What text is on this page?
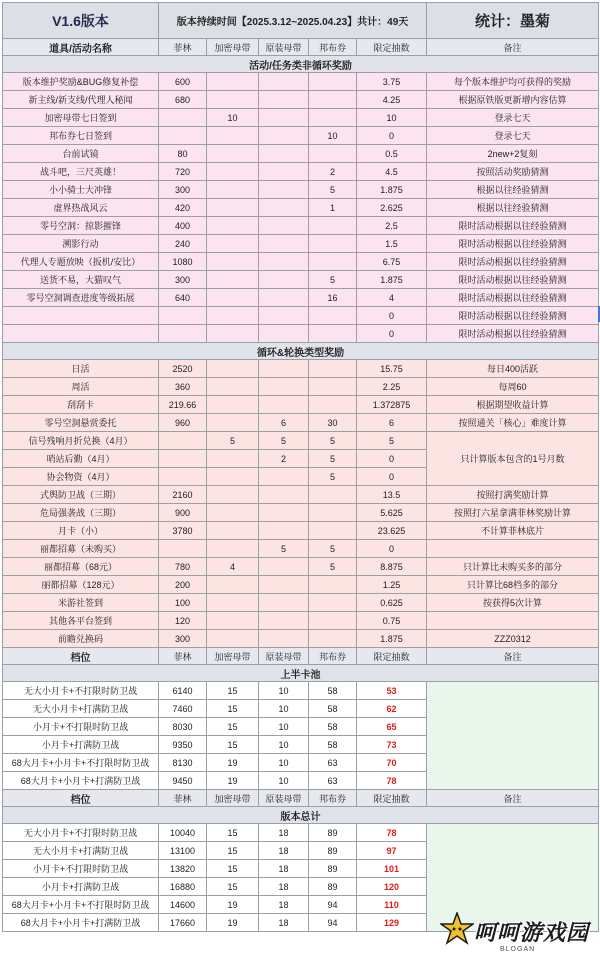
V1.6版本	版本持续时间【2025.3.12~2025.04.23】共计：49天					统计：墨菊
道具/活动名称	菲林	加密母带	原装母带	邦布券	限定抽数	备注
活动/任务类非循环奖励						
版本维护奖励&BUG修复补偿	600				3.75	每个版本维护均可获得的奖励
新主线/新支线/代理人秘闻	680				4.25	根据原铁版更新增内容估算
加密母带七日签到		10			10	登录七天
邦布券七日签到				10	0	登录七天
台前试镜	80				0.5	2new+2复刻
战斗吧，三尺英雄！	720			2	4.5	按照活动奖励猜测
小小骑士大冲锋	300			5	1.875	根据以往经验猜测
虚界热战风云	420			1	2.625	根据以往经验猜测
零号空洞：掠影摧锋	400				2.5	限时活动根据以往经验猜测
溯影行动	240				1.5	限时活动根据以往经验猜测
代理人专题放映（扳机/安比）	1080				6.75	限时活动根据以往经验猜测
送货不易，大猫叹气	300			5	1.875	限时活动根据以往经验猜测
零号空洞调查进度等级拓展	640			16	4	限时活动根据以往经验猜测
					0	限时活动根据以往经验猜测
					0	限时活动根据以往经验猜测
循环&轮换类型奖励						
日活	2520				15.75	每日400活跃
周活	360				2.25	每周60
刮刮卡	219.66				1.372875	根据期望收益计算
零号空洞悬赏委托	960		6	30	6	按照通关「核心」难度计算
信号残响月折兑换（4月）		5	5	5	5	只计算版本包含的1号月数
哨站后勤（4月）			2	5	0	
协会物资（4月）				5	0	
式舆防卫战（三期）	2160				13.5	按照打满奖励计算
危局强袭战（三期）	900				5.625	按照打六星拿满菲林奖励计算
月卡（小）	3780				23.625	不计算菲林底片
丽都招募（未购买）			5	5	0	
丽都招募（68元）	780	4		5	8.875	只计算比未购买多的部分
丽都招募（128元）	200				1.25	只计算比68档多的部分
米游社签到	100				0.625	按获得5次计算
其他各平台签到	120				0.75	
前瞻兑换码	300				1.875	ZZZ0312
档位	菲林	加密母带	原装母带	邦布券	限定抽数	备注
上半卡池						
无大小月卡+不打限时防卫战	6140	15	10	58	53	
无大小月卡+打满防卫战	7460	15	10	58	62	
小月卡+不打限时防卫战	8030	15	10	58	65	
小月卡+打满防卫战	9350	15	10	58	73	
68大月卡+小月卡+不打限时防卫战	8130	19	10	63	70	
68大月卡+小月卡+打满防卫战	9450	19	10	63	78	
档位	菲林	加密母带	原装母带	邦布券	限定抽数	备注
版本总计						
无大小月卡+不打限时防卫战	10040	15	18	89	78	
无大小月卡+打满防卫战	13100	15	18	89	97	
小月卡+不打限时防卫战	13820	15	18	89	101	
小月卡+打满防卫战	16880	15	18	89	120	
68大月卡+小月卡+不打限时防卫战	14600	19	18	94	110	
68大月卡+小月卡+打满防卫战	17660	19	18	94	129		呵呵游戏园
BLOGAN
